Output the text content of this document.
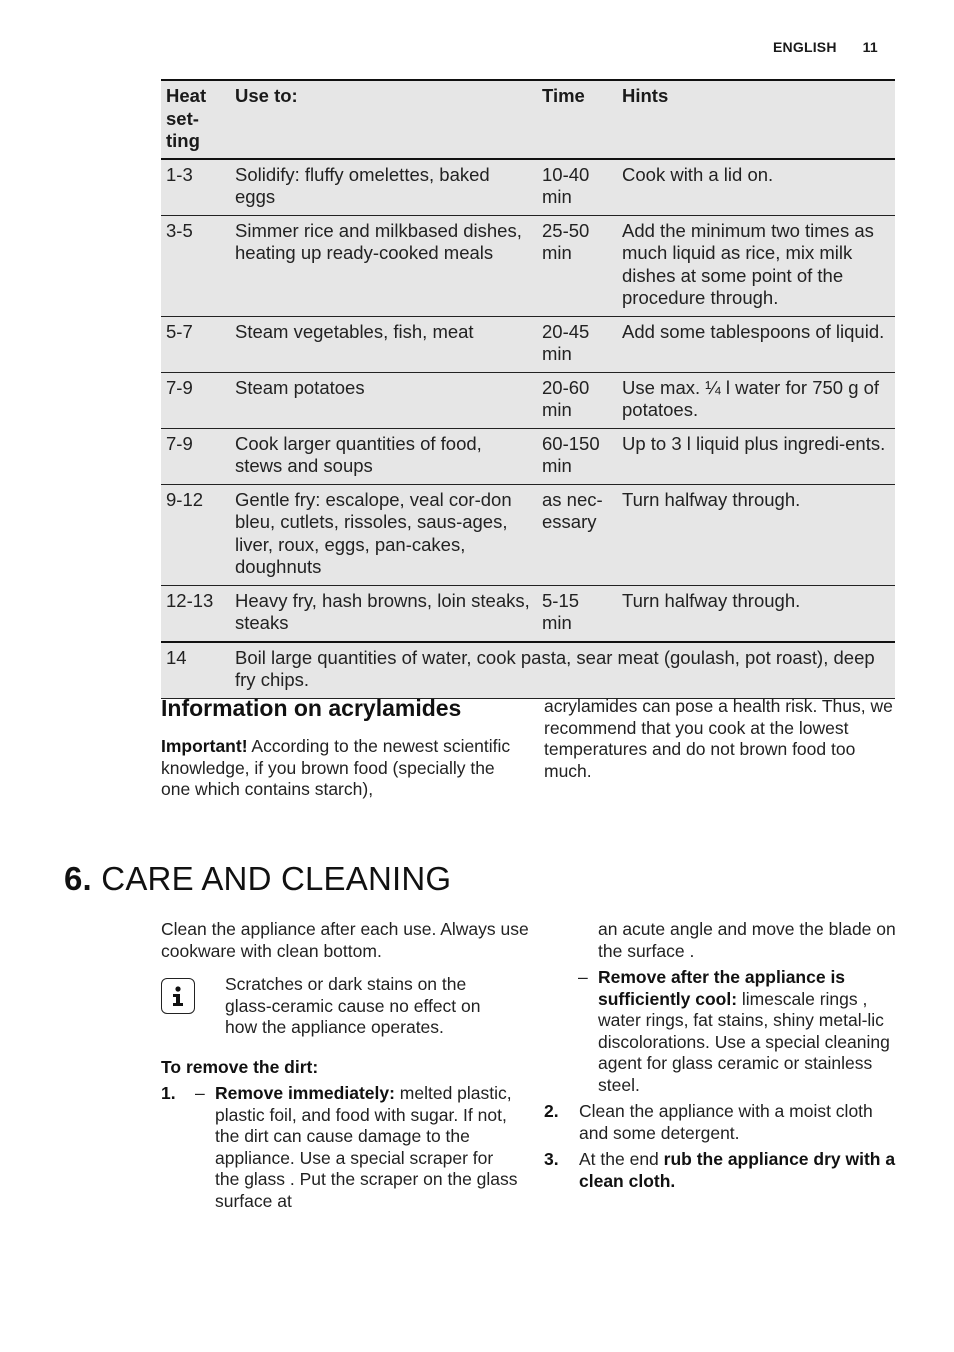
ENGLISH 11
Heat
set-
ting	Use to:	Time	Hints
1-3	Solidify: fluffy omelettes, baked eggs	10-40 min	Cook with a lid on.
3-5	Simmer rice and milkbased dishes, heating up ready-cooked meals	25-50 min	Add the minimum two times as much liquid as rice, mix milk dishes at some point of the procedure through.
5-7	Steam vegetables, fish, meat	20-45 min	Add some tablespoons of liquid.
7-9	Steam potatoes	20-60 min	Use max. ¼ l water for 750 g of potatoes.
7-9	Cook larger quantities of food, stews and soups	60-150 min	Up to 3 l liquid plus ingredi-ents.
9-12	Gentle fry: escalope, veal cor-don bleu, cutlets, rissoles, saus-ages, liver, roux, eggs, pan-cakes, doughnuts	as nec-essary	Turn halfway through.
12-13	Heavy fry, hash browns, loin steaks, steaks	5-15 min	Turn halfway through.
14	Boil large quantities of water, cook pasta, sear meat (goulash, pot roast), deep fry chips.		
Information on acrylamides
Important! According to the newest scientific knowledge, if you brown food (specially the one which contains starch),
acrylamides can pose a health risk. Thus, we recommend that you cook at the lowest temperatures and do not brown food too much.
6. CARE AND CLEANING
Clean the appliance after each use. Always use cookware with clean bottom.
Scratches or dark stains on the glass-ceramic cause no effect on how the appliance operates.
To remove the dirt:
1. – Remove immediately: melted plastic, plastic foil, and food with sugar. If not, the dirt can cause damage to the appliance. Use a special scraper for the glass . Put the scraper on the glass surface at
an acute angle and move the blade on the surface .
– Remove after the appliance is sufficiently cool: limescale rings , water rings, fat stains, shiny metal-lic discolorations. Use a special cleaning agent for glass ceramic or stainless steel.
2. Clean the appliance with a moist cloth and some detergent.
3. At the end rub the appliance dry with a clean cloth.
